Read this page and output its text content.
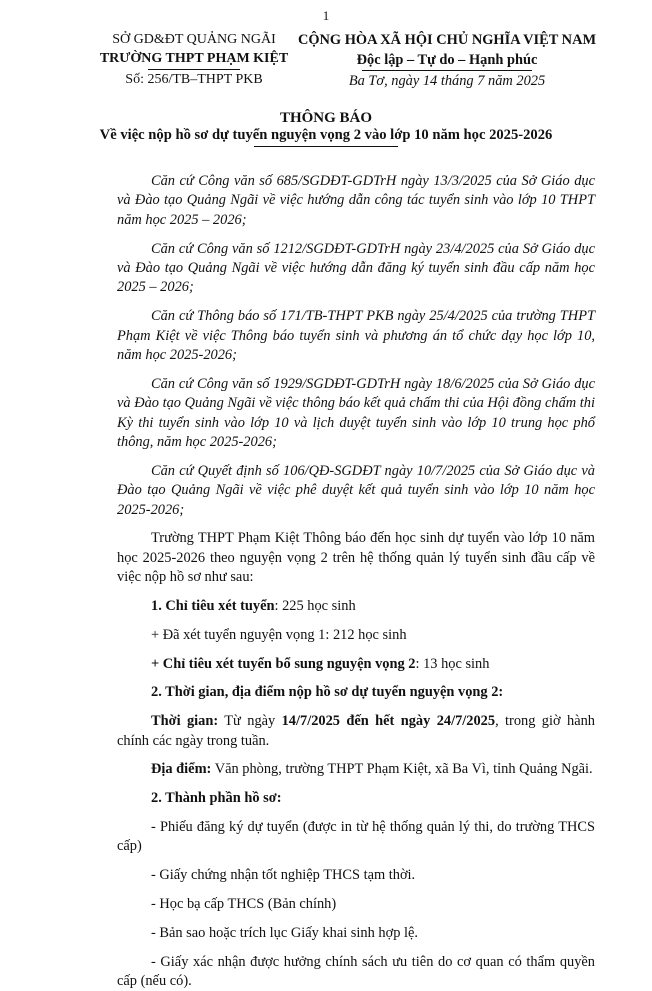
1
SỞ GD&ĐT QUẢNG NGÃI
TRƯỜNG THPT PHẠM KIỆT
Số: 256/TB–THPT PKB
CỘNG HÒA XÃ HỘI CHỦ NGHĨA VIỆT NAM
Độc lập – Tự do – Hạnh phúc
Ba Tơ, ngày 14 tháng 7 năm 2025
THÔNG BÁO
Về việc nộp hồ sơ dự tuyển nguyện vọng 2 vào lớp 10 năm học 2025-2026

Căn cứ Công văn số 685/SGDĐT-GDTrH ngày 13/3/2025 của Sở Giáo dục và Đào tạo Quảng Ngãi về việc hướng dẫn công tác tuyển sinh vào lớp 10 THPT năm học 2025 – 2026;

Căn cứ Công văn số 1212/SGDĐT-GDTrH ngày 23/4/2025 của Sở Giáo dục và Đào tạo Quảng Ngãi về việc hướng dẫn đăng ký tuyển sinh đầu cấp năm học 2025 – 2026;

Căn cứ Thông báo số 171/TB-THPT PKB ngày 25/4/2025 của trường THPT Phạm Kiệt về việc Thông báo tuyển sinh và phương án tổ chức dạy học lớp 10, năm học 2025-2026;

Căn cứ Công văn số 1929/SGDĐT-GDTrH ngày 18/6/2025 của Sở Giáo dục và Đào tạo Quảng Ngãi về việc thông báo kết quả chấm thi của Hội đồng chấm thi Kỳ thi tuyển sinh vào lớp 10 và lịch duyệt tuyển sinh vào lớp 10 trung học phổ thông, năm học 2025-2026;

Căn cứ Quyết định số 106/QĐ-SGDĐT ngày 10/7/2025 của Sở Giáo dục và Đào tạo Quảng Ngãi về việc phê duyệt kết quả tuyển sinh vào lớp 10 năm học 2025-2026;

Trường THPT Phạm Kiệt Thông báo đến học sinh dự tuyển vào lớp 10 năm học 2025-2026 theo nguyện vọng 2 trên hệ thống quản lý tuyển sinh đầu cấp về việc nộp hồ sơ như sau:

1. Chỉ tiêu xét tuyển: 225 học sinh

+ Đã xét tuyển nguyện vọng 1: 212 học sinh

+ Chỉ tiêu xét tuyển bổ sung nguyện vọng 2: 13 học sinh

2. Thời gian, địa điểm nộp hồ sơ dự tuyển nguyện vọng 2:

Thời gian: Từ ngày 14/7/2025 đến hết ngày 24/7/2025, trong giờ hành chính các ngày trong tuần.

Địa điểm: Văn phòng, trường THPT Phạm Kiệt, xã Ba Vì, tỉnh Quảng Ngãi.

2. Thành phần hồ sơ:

- Phiếu đăng ký dự tuyển (được in từ hệ thống quản lý thi, do trường THCS cấp)

- Giấy chứng nhận tốt nghiệp THCS tạm thời.

- Học bạ cấp THCS (Bản chính)

- Bản sao hoặc trích lục Giấy khai sinh hợp lệ.

- Giấy xác nhận được hưởng chính sách ưu tiên do cơ quan có thẩm quyền cấp (nếu có).
